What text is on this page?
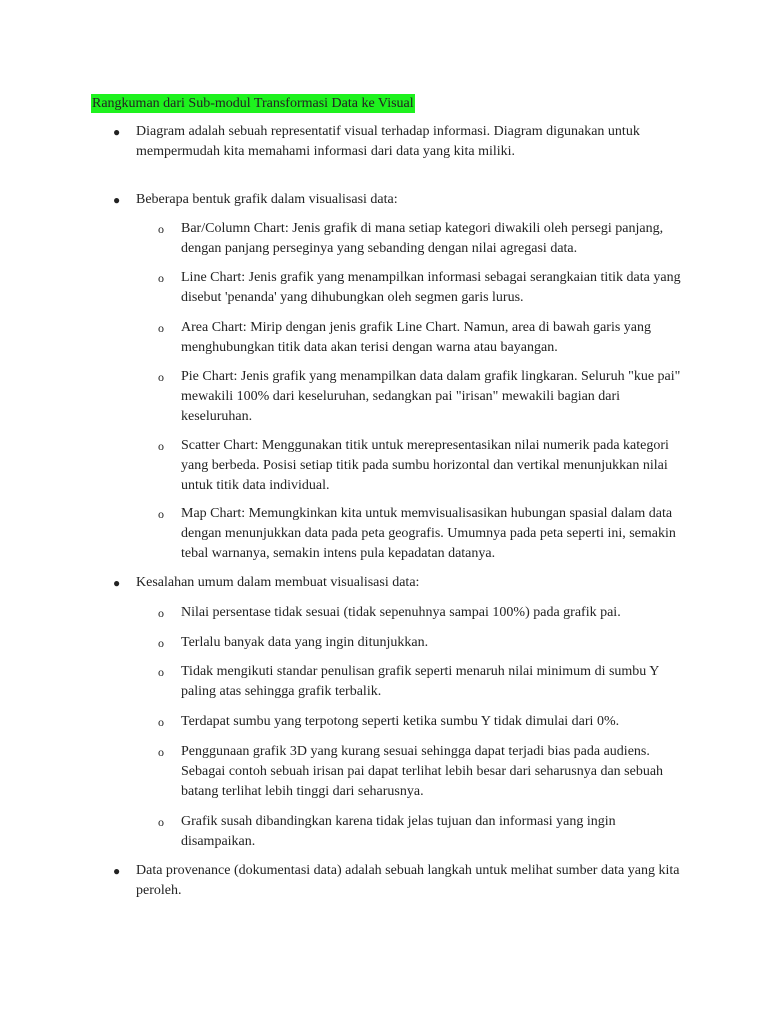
Rangkuman dari Sub-modul Transformasi Data ke Visual
● Diagram adalah sebuah representatif visual terhadap informasi. Diagram digunakan untuk mempermudah kita memahami informasi dari data yang kita miliki.
● Beberapa bentuk grafik dalam visualisasi data:
o Bar/Column Chart: Jenis grafik di mana setiap kategori diwakili oleh persegi panjang, dengan panjang perseginya yang sebanding dengan nilai agregasi data.
o Line Chart: Jenis grafik yang menampilkan informasi sebagai serangkaian titik data yang disebut 'penanda' yang dihubungkan oleh segmen garis lurus.
o Area Chart: Mirip dengan jenis grafik Line Chart. Namun, area di bawah garis yang menghubungkan titik data akan terisi dengan warna atau bayangan.
o Pie Chart: Jenis grafik yang menampilkan data dalam grafik lingkaran. Seluruh "kue pai" mewakili 100% dari keseluruhan, sedangkan pai "irisan" mewakili bagian dari keseluruhan.
o Scatter Chart: Menggunakan titik untuk merepresentasikan nilai numerik pada kategori yang berbeda. Posisi setiap titik pada sumbu horizontal dan vertikal menunjukkan nilai untuk titik data individual.
o Map Chart: Memungkinkan kita untuk memvisualisasikan hubungan spasial dalam data dengan menunjukkan data pada peta geografis. Umumnya pada peta seperti ini, semakin tebal warnanya, semakin intens pula kepadatan datanya.
● Kesalahan umum dalam membuat visualisasi data:
o Nilai persentase tidak sesuai (tidak sepenuhnya sampai 100%) pada grafik pai.
o Terlalu banyak data yang ingin ditunjukkan.
o Tidak mengikuti standar penulisan grafik seperti menaruh nilai minimum di sumbu Y paling atas sehingga grafik terbalik.
o Terdapat sumbu yang terpotong seperti ketika sumbu Y tidak dimulai dari 0%.
o Penggunaan grafik 3D yang kurang sesuai sehingga dapat terjadi bias pada audiens. Sebagai contoh sebuah irisan pai dapat terlihat lebih besar dari seharusnya dan sebuah batang terlihat lebih tinggi dari seharusnya.
o Grafik susah dibandingkan karena tidak jelas tujuan dan informasi yang ingin disampaikan.
● Data provenance (dokumentasi data) adalah sebuah langkah untuk melihat sumber data yang kita peroleh.
